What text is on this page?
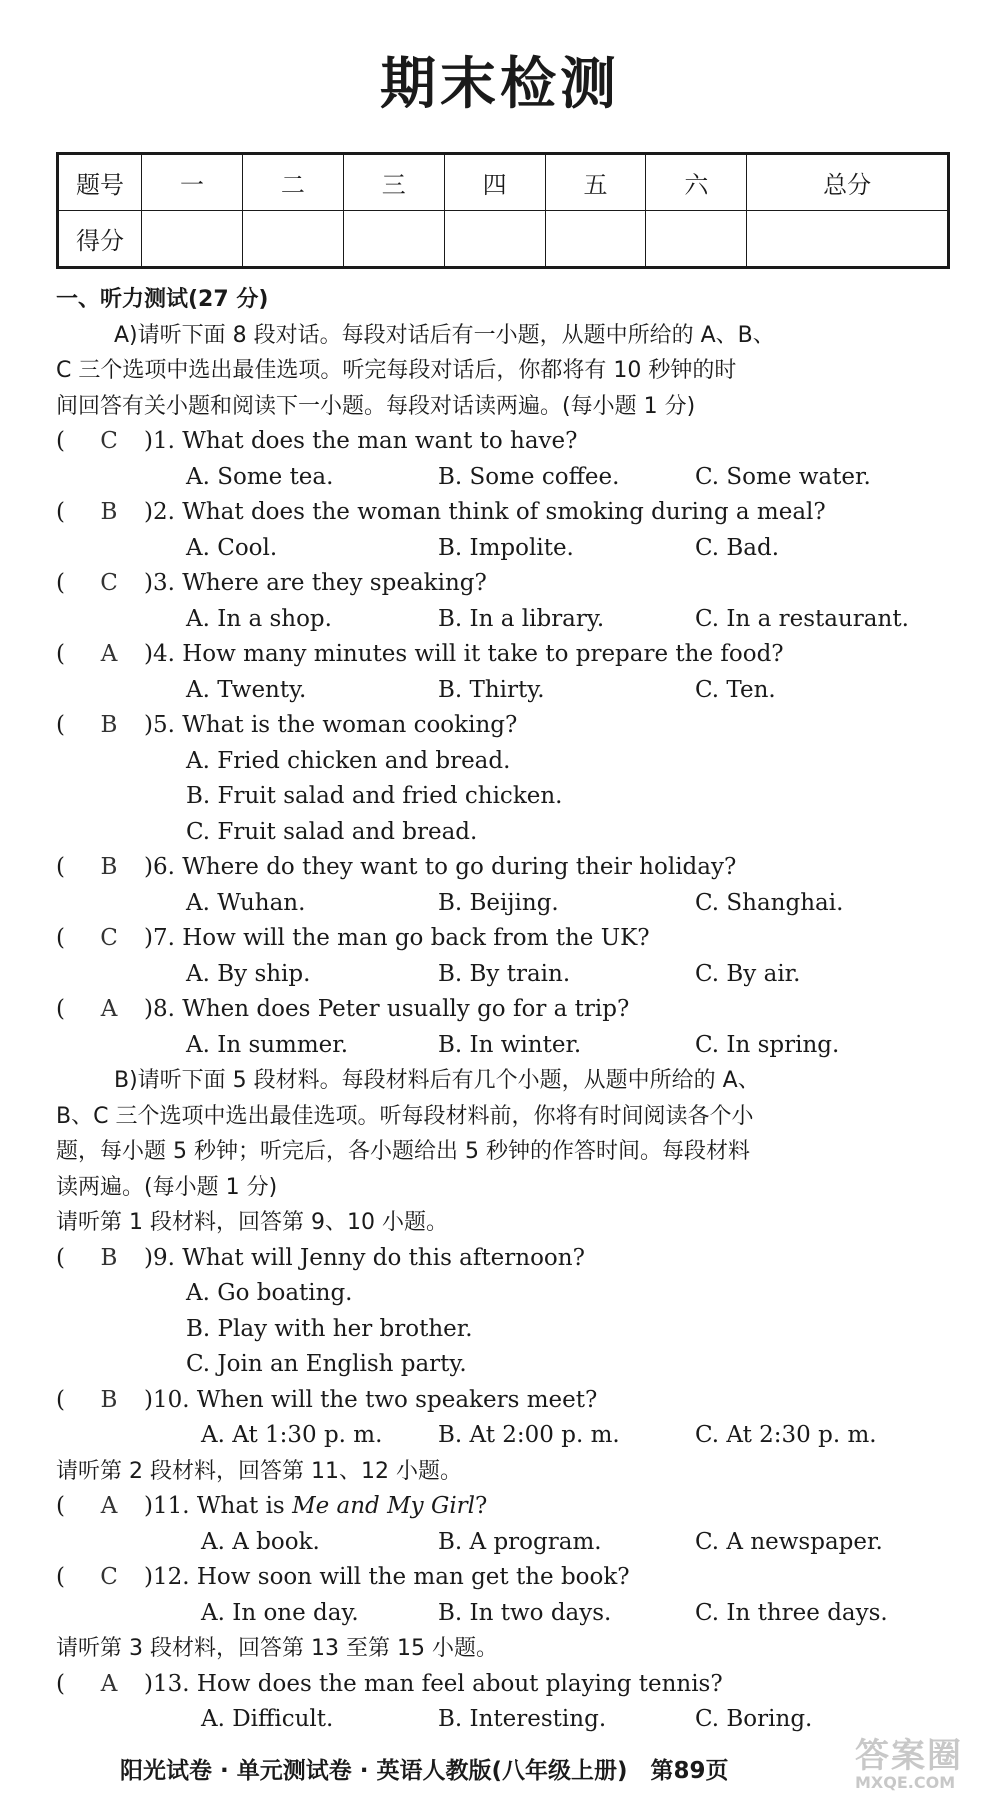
期末检测
题号	一	二	三	四	五	六	总分
得分							
一、听力测试(27 分)
A)请听下面 8 段对话。每段对话后有一小题，从题中所给的 A、B、
C 三个选项中选出最佳选项。听完每段对话后，你都将有 10 秒钟的时
间回答有关小题和阅读下一小题。每段对话读两遍。(每小题 1 分)
(	C	)1. What does the man want to have?
A. Some tea.	B. Some coffee.	C. Some water.
(	B	)2. What does the woman think of smoking during a meal?
A. Cool.	B. Impolite.	C. Bad.
(	C	)3. Where are they speaking?
A. In a shop.	B. In a library.	C. In a restaurant.
(	A	)4. How many minutes will it take to prepare the food?
A. Twenty.	B. Thirty.	C. Ten.
(	B	)5. What is the woman cooking?
A. Fried chicken and bread.
B. Fruit salad and fried chicken.
C. Fruit salad and bread.
(	B	)6. Where do they want to go during their holiday?
A. Wuhan.	B. Beijing.	C. Shanghai.
(	C	)7. How will the man go back from the UK?
A. By ship.	B. By train.	C. By air.
(	A	)8. When does Peter usually go for a trip?
A. In summer.	B. In winter.	C. In spring.
B)请听下面 5 段材料。每段材料后有几个小题，从题中所给的 A、
B、C 三个选项中选出最佳选项。听每段材料前，你将有时间阅读各个小
题，每小题 5 秒钟；听完后，各小题给出 5 秒钟的作答时间。每段材料
读两遍。(每小题 1 分)
请听第 1 段材料，回答第 9、10 小题。
(	B	)9. What will Jenny do this afternoon?
A. Go boating.
B. Play with her brother.
C. Join an English party.
(	B	)10. When will the two speakers meet?
A. At 1:30 p. m.	B. At 2:00 p. m.	C. At 2:30 p. m.
请听第 2 段材料，回答第 11、12 小题。
(	A	)11. What is Me and My Girl ?
A. A book.	B. A program.	C. A newspaper.
(	C	)12. How soon will the man get the book?
A. In one day.	B. In two days.	C. In three days.
请听第 3 段材料，回答第 13 至第 15 小题。
(	A	)13. How does the man feel about playing tennis?
A. Difficult.	B. Interesting.	C. Boring.
阳光试卷 · 单元测试卷 · 英语人教版(八年级上册)　第89页	答案圈
MXQE.COM
